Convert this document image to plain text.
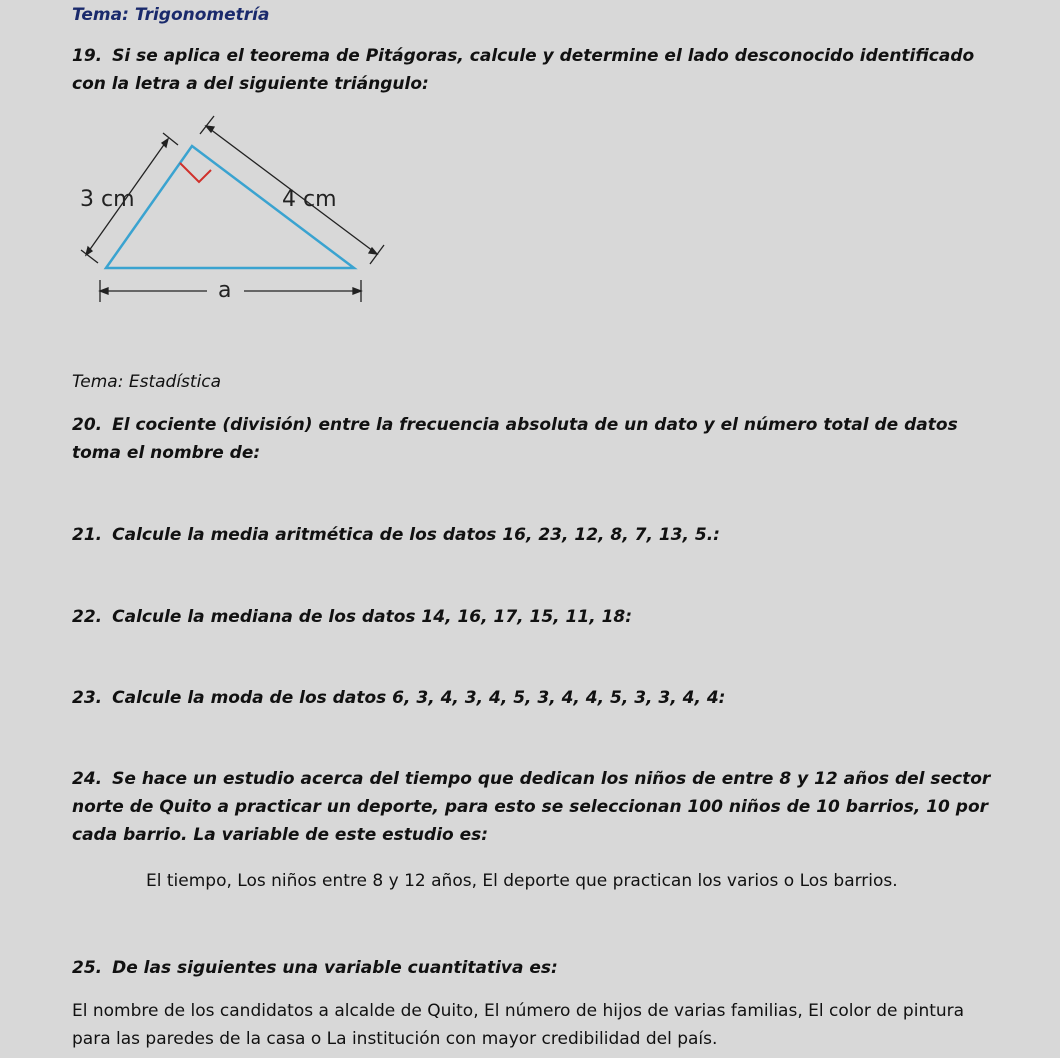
Tema: Trigonometría
19. Si se aplica el teorema de Pitágoras, calcule y determine el lado desconocido identificado con la letra a del siguiente triángulo:
3 cm	4 cm
a
Tema: Estadística
20. El cociente (división) entre la frecuencia absoluta de un dato y el número total de datos toma el nombre de:
21. Calcule la media aritmética de los datos 16, 23, 12, 8, 7, 13, 5.:
22. Calcule la mediana de los datos 14, 16, 17, 15, 11, 18:
23. Calcule la moda de los datos 6, 3, 4, 3, 4, 5, 3, 4, 4, 5, 3, 3, 4, 4:
24. Se hace un estudio acerca del tiempo que dedican los niños de entre 8 y 12 años del sector norte de Quito a practicar un deporte, para esto se seleccionan 100 niños de 10 barrios, 10 por cada barrio. La variable de este estudio es:
El tiempo, Los niños entre 8 y 12 años, El deporte que practican los varios o Los barrios.
25. De las siguientes una variable cuantitativa es:
El nombre de los candidatos a alcalde de Quito, El número de hijos de varias familias, El color de pintura para las paredes de la casa o La institución con mayor credibilidad del país.
